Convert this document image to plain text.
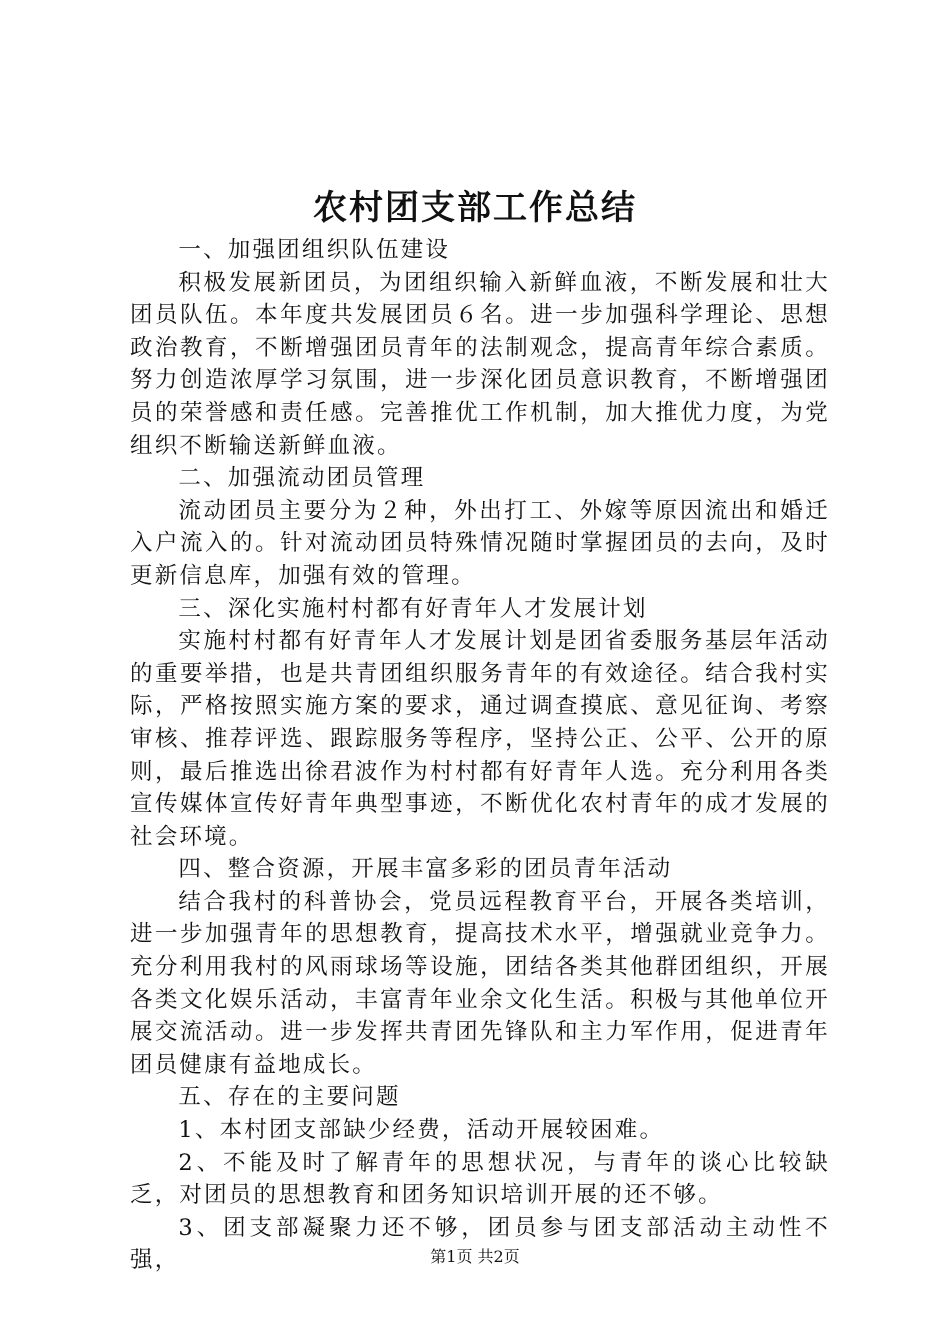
农村团支部工作总结

一、加强团组织队伍建设

积极发展新团员，为团组织输入新鲜血液，不断发展和壮大团员队伍。本年度共发展团员６名。进一步加强科学理论、思想政治教育，不断增强团员青年的法制观念，提高青年综合素质。努力创造浓厚学习氛围，进一步深化团员意识教育，不断增强团员的荣誉感和责任感。完善推优工作机制，加大推优力度，为党组织不断输送新鲜血液。

二、加强流动团员管理

流动团员主要分为２种，外出打工、外嫁等原因流出和婚迁入户流入的。针对流动团员特殊情况随时掌握团员的去向，及时更新信息库，加强有效的管理。

三、深化实施村村都有好青年人才发展计划

实施村村都有好青年人才发展计划是团省委服务基层年活动的重要举措，也是共青团组织服务青年的有效途径。结合我村实际，严格按照实施方案的要求，通过调查摸底、意见征询、考察审核、推荐评选、跟踪服务等程序，坚持公正、公平、公开的原则，最后推选出徐君波作为村村都有好青年人选。充分利用各类宣传媒体宣传好青年典型事迹，不断优化农村青年的成才发展的社会环境。

四、整合资源，开展丰富多彩的团员青年活动

结合我村的科普协会，党员远程教育平台，开展各类培训，进一步加强青年的思想教育，提高技术水平，增强就业竞争力。充分利用我村的风雨球场等设施，团结各类其他群团组织，开展各类文化娱乐活动，丰富青年业余文化生活。积极与其他单位开展交流活动。进一步发挥共青团先锋队和主力军作用，促进青年团员健康有益地成长。

五、存在的主要问题

1、本村团支部缺少经费，活动开展较困难。

2、不能及时了解青年的思想状况，与青年的谈心比较缺乏，对团员的思想教育和团务知识培训开展的还不够。

3、团支部凝聚力还不够，团员参与团支部活动主动性不强，	第1页 共2页
